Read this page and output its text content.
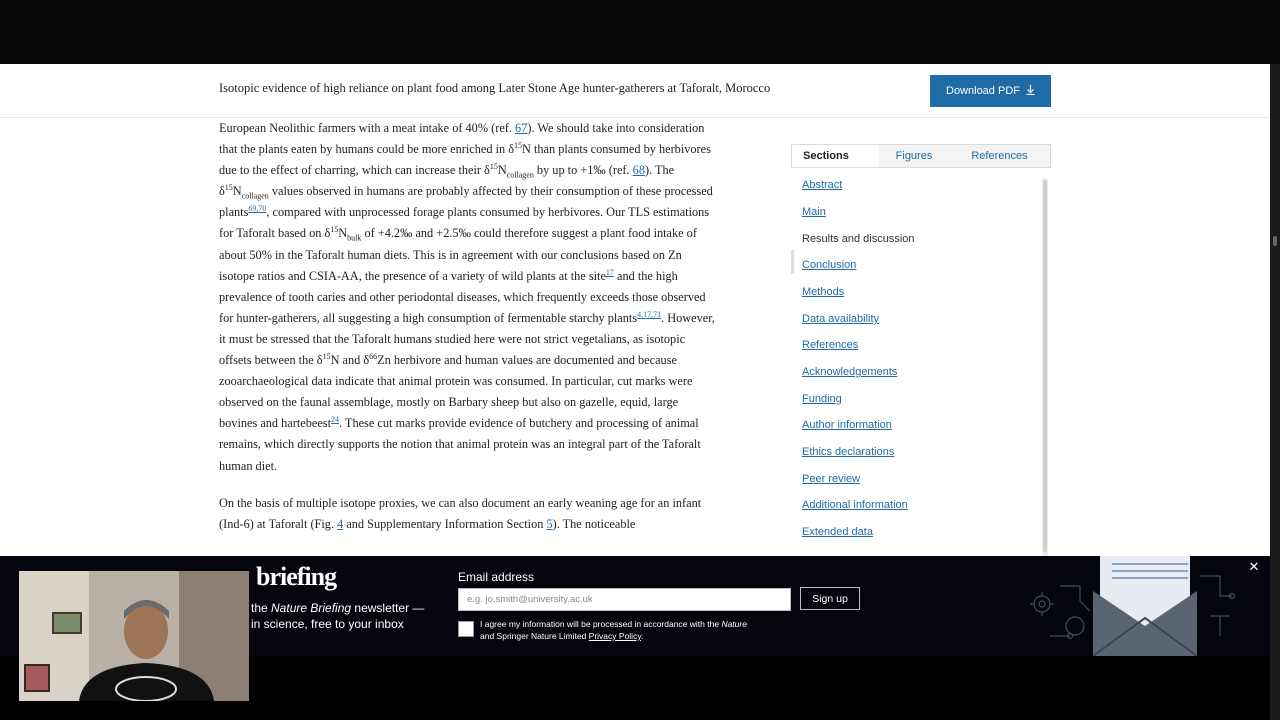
Isotopic evidence of high reliance on plant food among Later Stone Age hunter-gatherers at Taforalt, Morocco	Download PDF

European Neolithic farmers with a meat intake of 40% (ref. 67). We should take into consideration that the plants eaten by humans could be more enriched in $\delta^{15}N$ than plants consumed by herbivores due to the effect of charring, which can increase their $\delta^{15}N_{collagen}$ by up to +1‰ (ref. 68). The $\delta^{15}N_{collagen}$ values observed in humans are probably affected by their consumption of these processed plants$^{69,70}$, compared with unprocessed forage plants consumed by herbivores. Our TLS estimations for Taforalt based on $\delta^{15}N_{bulk}$ of +4.2‰ and +2.5‰ could therefore suggest a plant food intake of about 50% in the Taforalt human diets. This is in agreement with our conclusions based on Zn isotope ratios and CSIA-AA, the presence of a variety of wild plants at the site$^{17}$ and the high prevalence of tooth caries and other periodontal diseases, which frequently exceeds those observed for hunter-gatherers, all suggesting a high consumption of fermentable starchy plants$^{4,17,71}$. However, it must be stressed that the Taforalt humans studied here were not strict vegetalians, as isotopic offsets between the $\delta^{15}N$ and $\delta^{66}Zn$ herbivore and human values are documented and because zooarchaeological data indicate that animal protein was consumed. In particular, cut marks were observed on the faunal assemblage, mostly on Barbary sheep but also on gazelle, equid, large bovines and hartebeest$^{24}$. These cut marks provide evidence of butchery and processing of animal remains, which directly supports the notion that animal protein was an integral part of the Taforalt human diet.

On the basis of multiple isotope proxies, we can also document an early weaning age for an infant (Ind-6) at Taforalt (Fig. 4 and Supplementary Information Section 5). The noticeable

Sections	Figures	References
Abstract
Main
Results and discussion
Conclusion
Methods
Data availability
References
Acknowledgements
Funding
Author information
Ethics declarations
Peer review
Additional information
Extended data
briefing
the Nature Briefing newsletter —
in science, free to your inbox
Email address
e.g. jo.smith@university.ac.uk
Sign up
I agree my information will be processed in accordance with the Nature
and Springer Nature Limited Privacy Policy.
✕
